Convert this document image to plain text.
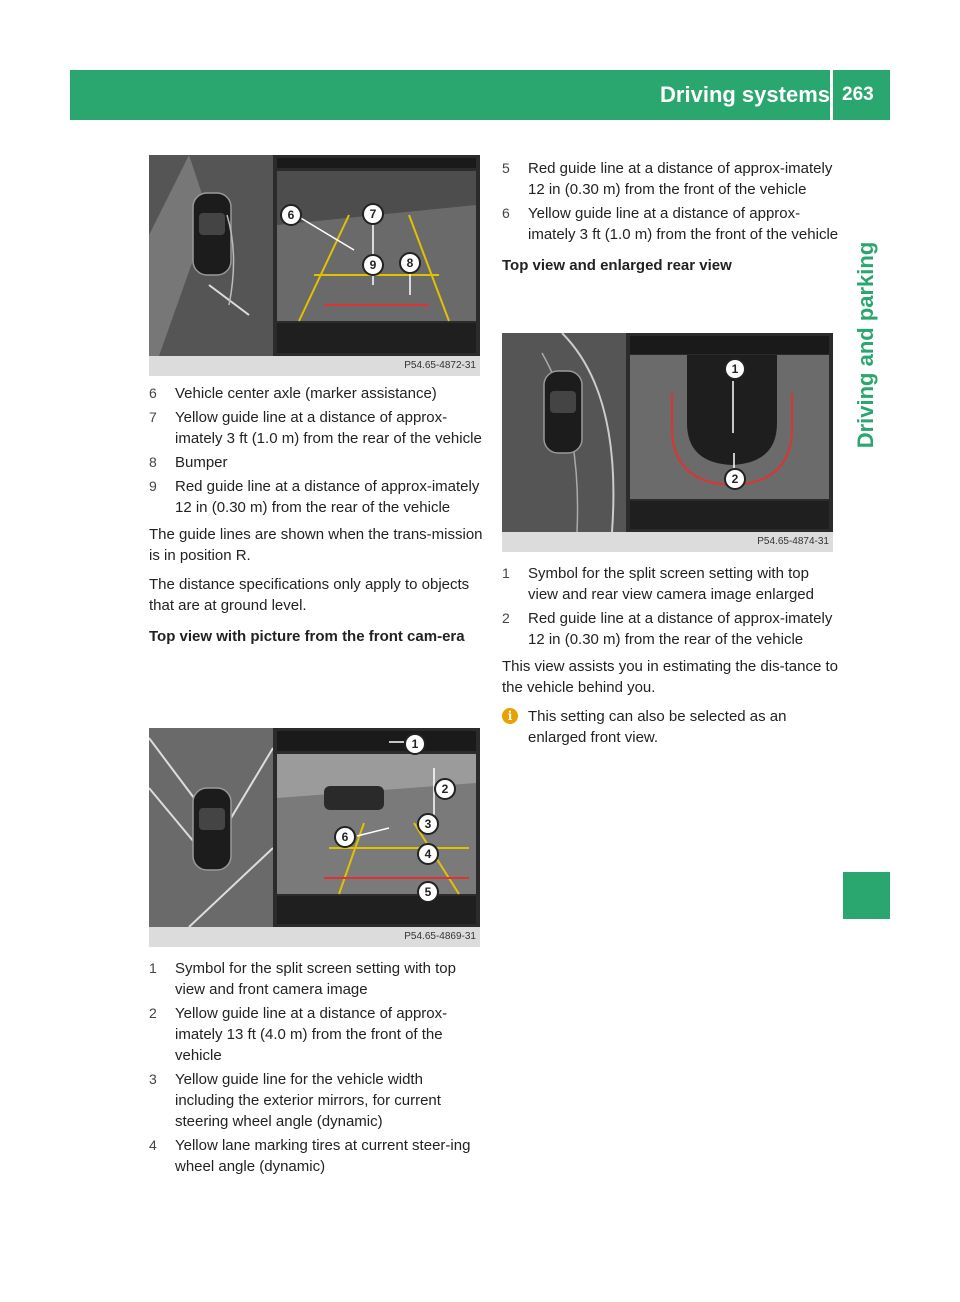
Driving systems 263
Driving and parking
6	7
8
9
P54.65-4872-31
6	Vehicle center axle (marker assistance)
7	Yellow guide line at a distance of approx-imately 3 ft (1.0 m) from the rear of the vehicle
8	Bumper
9	Red guide line at a distance of approx-imately 12 in (0.30 m) from the rear of the vehicle
The guide lines are shown when the trans-mission is in position R.
The distance specifications only apply to objects that are at ground level.
Top view with picture from the front cam-era
1
2
3
4
5
6
P54.65-4869-31
1	Symbol for the split screen setting with top view and front camera image
2	Yellow guide line at a distance of approx-imately 13 ft (4.0 m) from the front of the vehicle
3	Yellow guide line for the vehicle width including the exterior mirrors, for current steering wheel angle (dynamic)
4	Yellow lane marking tires at current steer-ing wheel angle (dynamic)
5	Red guide line at a distance of approx-imately 12 in (0.30 m) from the front of the vehicle
6	Yellow guide line at a distance of approx-imately 3 ft (1.0 m) from the front of the vehicle
Top view and enlarged rear view
1
2
P54.65-4874-31
1	Symbol for the split screen setting with top view and rear view camera image enlarged
2	Red guide line at a distance of approx-imately 12 in (0.30 m) from the rear of the vehicle
This view assists you in estimating the dis-tance to the vehicle behind you.
i	This setting can also be selected as an enlarged front view.
